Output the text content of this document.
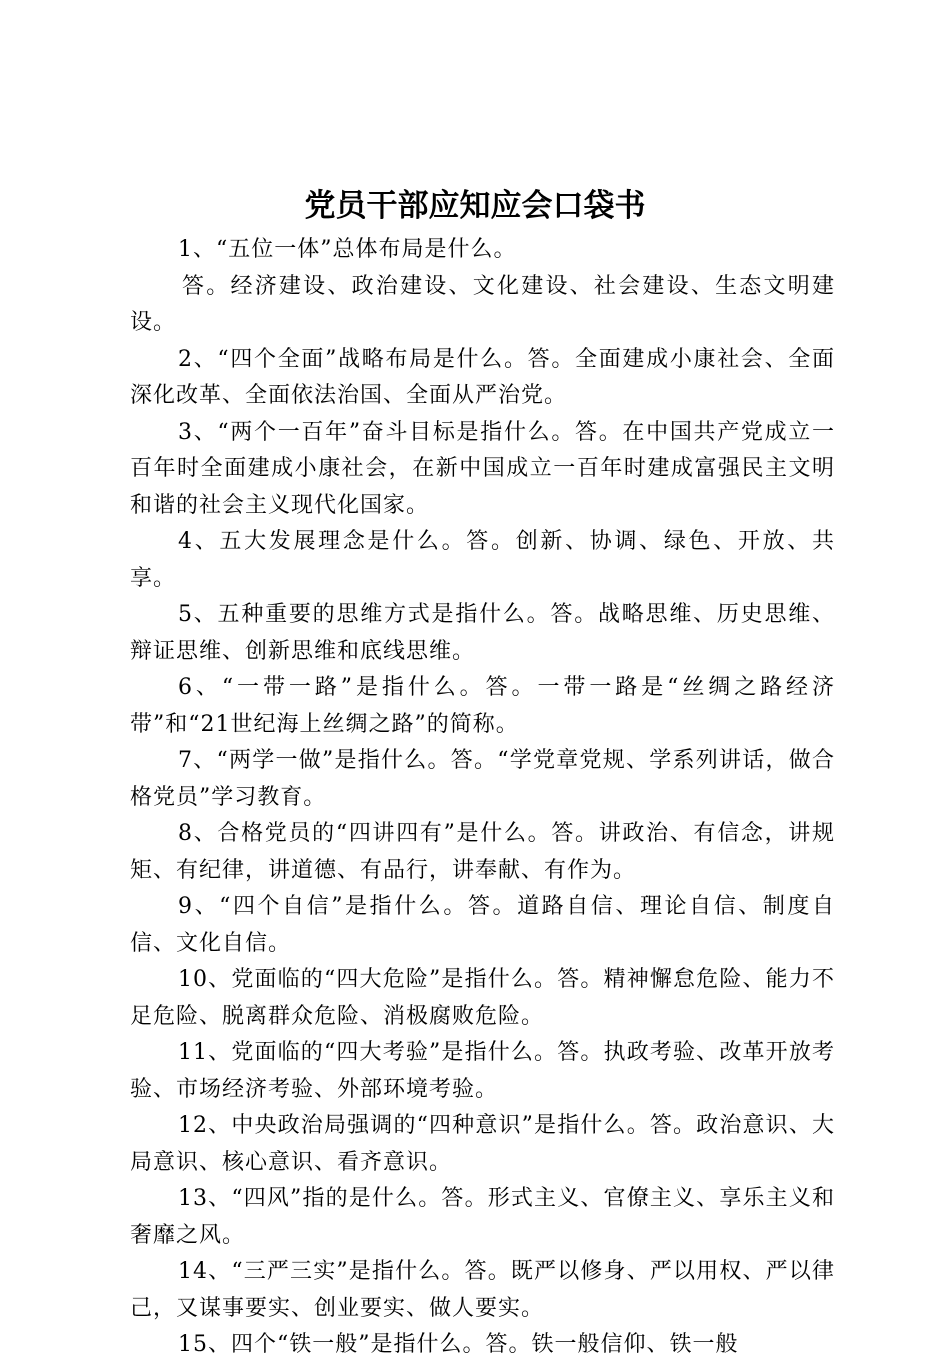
党员干部应知应会口袋书

1、“五位一体”总体布局是什么。

答。经济建设、政治建设、文化建设、社会建设、生态文明建设。

2、“四个全面”战略布局是什么。答。全面建成小康社会、全面深化改革、全面依法治国、全面从严治党。

3、“两个一百年”奋斗目标是指什么。答。在中国共产党成立一百年时全面建成小康社会，在新中国成立一百年时建成富强民主文明和谐的社会主义现代化国家。

4、五大发展理念是什么。答。创新、协调、绿色、开放、共享。

5、五种重要的思维方式是指什么。答。战略思维、历史思维、辩证思维、创新思维和底线思维。

6、“一带一路”是指什么。答。一带一路是“丝绸之路经济带”和“21世纪海上丝绸之路”的简称。

7、“两学一做”是指什么。答。“学党章党规、学系列讲话，做合格党员”学习教育。

8、合格党员的“四讲四有”是什么。答。讲政治、有信念，讲规矩、有纪律，讲道德、有品行，讲奉献、有作为。

9、“四个自信”是指什么。答。道路自信、理论自信、制度自信、文化自信。

10、党面临的“四大危险”是指什么。答。精神懈怠危险、能力不足危险、脱离群众危险、消极腐败危险。

11、党面临的“四大考验”是指什么。答。执政考验、改革开放考验、市场经济考验、外部环境考验。

12、中央政治局强调的“四种意识”是指什么。答。政治意识、大局意识、核心意识、看齐意识。

13、“四风”指的是什么。答。形式主义、官僚主义、享乐主义和奢靡之风。

14、“三严三实”是指什么。答。既严以修身、严以用权、严以律己，又谋事要实、创业要实、做人要实。

15、四个“铁一般”是指什么。答。铁一般信仰、铁一般
